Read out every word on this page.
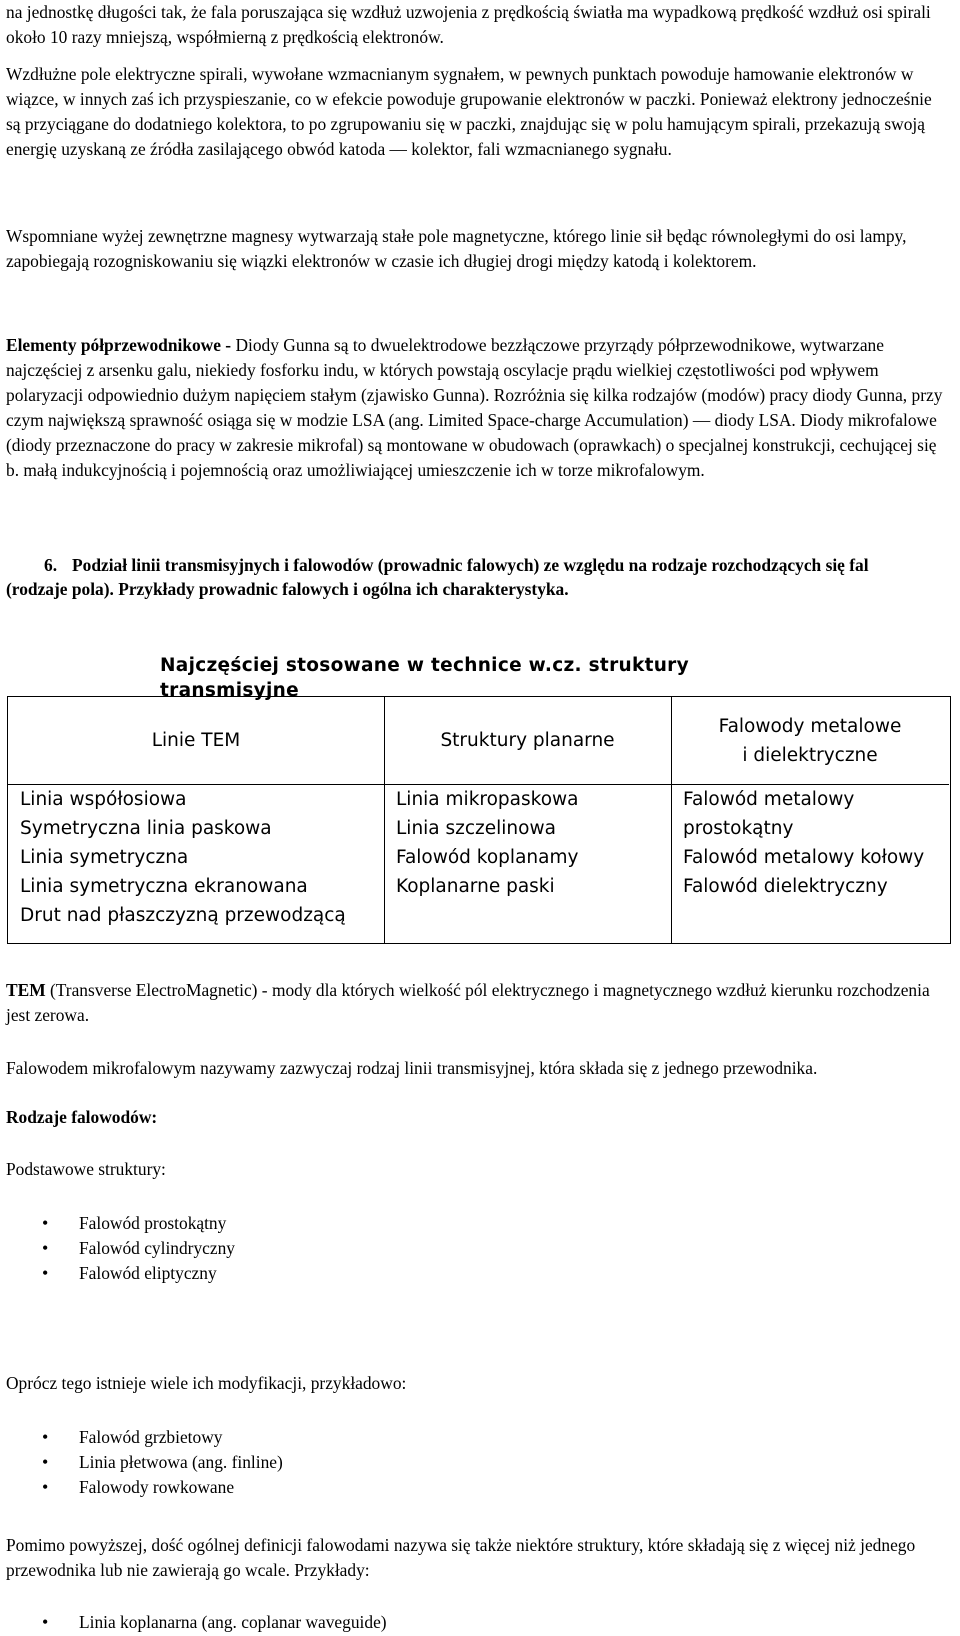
na jednostkę długości tak, że fala poruszająca się wzdłuż uzwojenia z prędkością światła ma wypadkową prędkość wzdłuż osi spirali około 10 razy mniejszą, współmierną z prędkością elektronów.

Wzdłużne pole elektryczne spirali, wywołane wzmacnianym sygnałem, w pewnych punktach powoduje hamowanie elektronów w wiązce, w innych zaś ich przyspieszanie, co w efekcie powoduje grupowanie elektronów w paczki. Ponieważ elektrony jednocześnie są przyciągane do dodatniego kolektora, to po zgrupowaniu się w paczki, znajdując się w polu hamującym spirali, przekazują swoją energię uzyskaną ze źródła zasilającego obwód katoda — kolektor, fali wzmacnianego sygnału.

Wspomniane wyżej zewnętrzne magnesy wytwarzają stałe pole magnetyczne, którego linie sił będąc równoległymi do osi lampy, zapobiegają rozogniskowaniu się wiązki elektronów w czasie ich długiej drogi między katodą i kolektorem.

Elementy półprzewodnikowe - Diody Gunna są to dwuelektrodowe bezzłączowe przyrządy półprzewodnikowe, wytwarzane najczęściej z arsenku galu, niekiedy fosforku indu, w których powstają oscylacje prądu wielkiej częstotliwości pod wpływem polaryzacji odpowiednio dużym napięciem stałym (zjawisko Gunna). Rozróżnia się kilka rodzajów (modów) pracy diody Gunna, przy czym największą sprawność osiąga się w modzie LSA (ang. Limited Space-charge Accumulation) — diody LSA. Diody mikrofalowe (diody przeznaczone do pracy w zakresie mikrofal) są montowane w obudowach (oprawkach) o specjalnej konstrukcji, cechującej się b. małą indukcyjnością i pojemnością oraz umożliwiającej umieszczenie ich w torze mikrofalowym.

6. Podział linii transmisyjnych i falowodów (prowadnic falowych) ze względu na rodzaje rozchodzących się fal (rodzaje pola). Przykłady prowadnic falowych i ogólna ich charakterystyka.
Najczęściej stosowane w technice w.cz. struktury transmisyjne
Linie TEM
Linia współosiowa
Symetryczna linia paskowa
Linia symetryczna
Linia symetryczna ekranowana
Drut nad płaszczyzną przewodzącą
Struktury planarne
Linia mikropaskowa
Linia szczelinowa
Falowód koplanamy
Koplanarne paski
Falowody metalowe
i dielektryczne
Falowód metalowy
prostokątny
Falowód metalowy kołowy
Falowód dielektryczny

TEM (Transverse ElectroMagnetic) - mody dla których wielkość pól elektrycznego i magnetycznego wzdłuż kierunku rozchodzenia jest zerowa.

Falowodem mikrofalowym nazywamy zazwyczaj rodzaj linii transmisyjnej, która składa się z jednego przewodnika.

Rodzaje falowodów:

Podstawowe struktury:

• Falowód prostokątny
• Falowód cylindryczny
• Falowód eliptyczny

Oprócz tego istnieje wiele ich modyfikacji, przykładowo:

• Falowód grzbietowy
• Linia płetwowa (ang. finline)
• Falowody rowkowane

Pomimo powyższej, dość ogólnej definicji falowodami nazywa się także niektóre struktury, które składają się z więcej niż jednego przewodnika lub nie zawierają go wcale. Przykłady:

• Linia koplanarna (ang. coplanar waveguide)
